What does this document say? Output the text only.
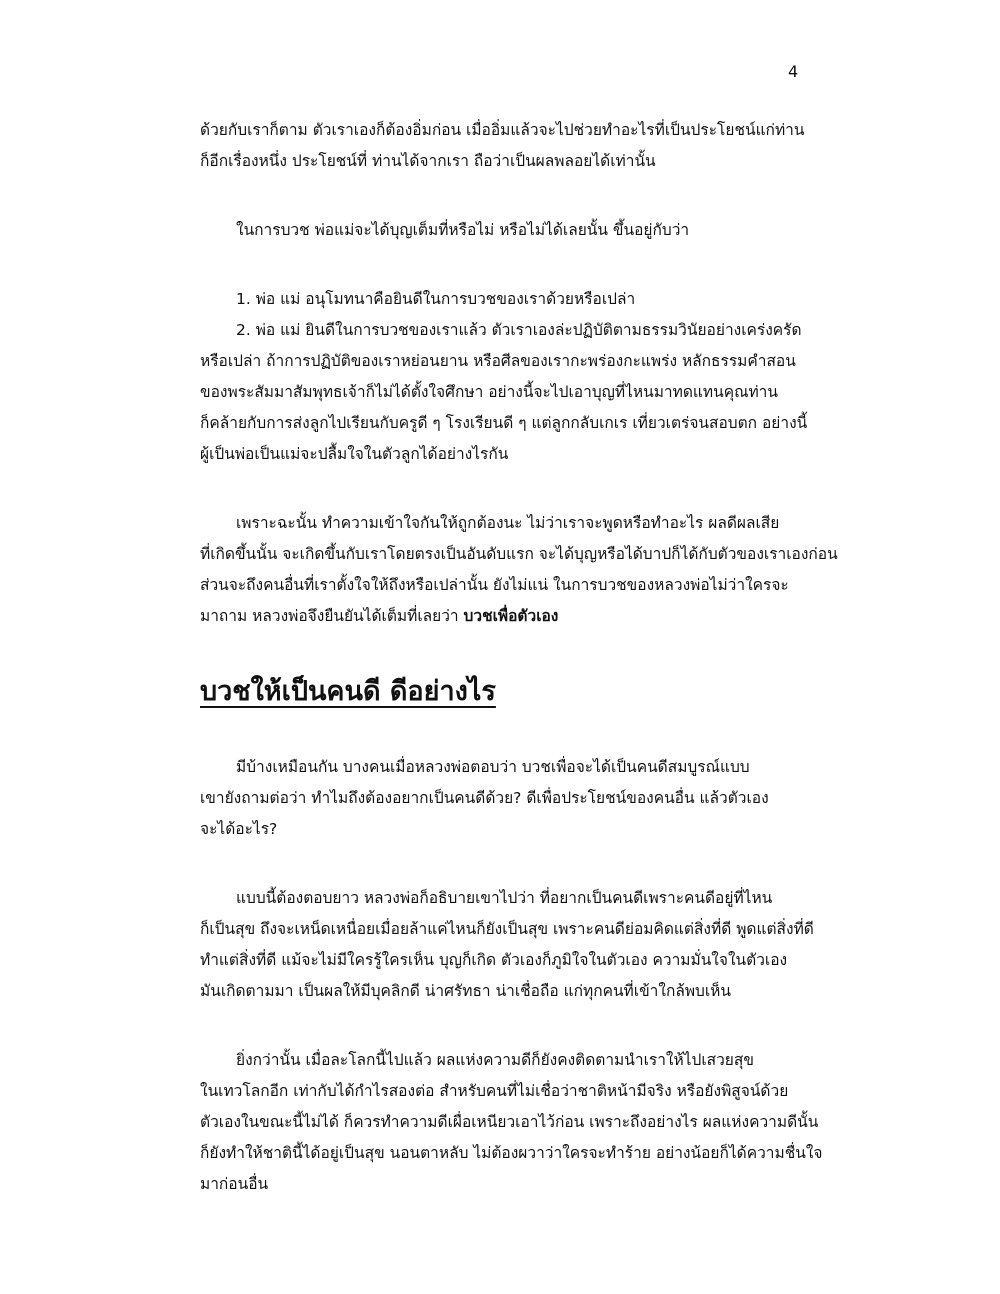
4

ด้วยกับเราก็ตาม ตัวเราเองก็ต้องอิ่มก่อน เมื่ออิ่มแล้วจะไปช่วยทำอะไรที่เป็นประโยชน์แก่ท่าน
ก็อีกเรื่องหนึ่ง ประโยชน์ที่ ท่านได้จากเรา ถือว่าเป็นผลพลอยได้เท่านั้น

ในการบวช พ่อแม่จะได้บุญเต็มที่หรือไม่ หรือไม่ได้เลยนั้น ขึ้นอยู่กับว่า

1. พ่อ แม่ อนุโมทนาคือยินดีในการบวชของเราด้วยหรือเปล่า
2. พ่อ แม่ ยินดีในการบวชของเราแล้ว ตัวเราเองล่ะปฏิบัติตามธรรมวินัยอย่างเคร่งครัด
หรือเปล่า ถ้าการปฏิบัติของเราหย่อนยาน หรือศีลของเรากะพร่องกะแพร่ง หลักธรรมคำสอน
ของพระสัมมาสัมพุทธเจ้าก็ไม่ได้ตั้งใจศึกษา อย่างนี้จะไปเอาบุญที่ไหนมาทดแทนคุณท่าน
ก็คล้ายกับการส่งลูกไปเรียนกับครูดี ๆ โรงเรียนดี ๆ แต่ลูกกลับเกเร เที่ยวเตร่จนสอบตก อย่างนี้
ผู้เป็นพ่อเป็นแม่จะปลื้มใจในตัวลูกได้อย่างไรกัน

เพราะฉะนั้น ทำความเข้าใจกันให้ถูกต้องนะ ไม่ว่าเราจะพูดหรือทำอะไร ผลดีผลเสีย
ที่เกิดขึ้นนั้น จะเกิดขึ้นกับเราโดยตรงเป็นอันดับแรก จะได้บุญหรือได้บาปก็ได้กับตัวของเราเองก่อน
ส่วนจะถึงคนอื่นที่เราตั้งใจให้ถึงหรือเปล่านั้น ยังไม่แน่ ในการบวชของหลวงพ่อไม่ว่าใครจะ
มาถาม หลวงพ่อจึงยืนยันได้เต็มที่เลยว่า บวชเพื่อตัวเอง

บวชให้เป็นคนดี ดีอย่างไร

มีบ้างเหมือนกัน บางคนเมื่อหลวงพ่อตอบว่า บวชเพื่อจะได้เป็นคนดีสมบูรณ์แบบ
เขายังถามต่อว่า ทำไมถึงต้องอยากเป็นคนดีด้วย? ดีเพื่อประโยชน์ของคนอื่น แล้วตัวเอง
จะได้อะไร?

แบบนี้ต้องตอบยาว หลวงพ่อก็อธิบายเขาไปว่า ที่อยากเป็นคนดีเพราะคนดีอยู่ที่ไหน
ก็เป็นสุข ถึงจะเหน็ดเหนื่อยเมื่อยล้าแค่ไหนก็ยังเป็นสุข เพราะคนดีย่อมคิดแต่สิ่งที่ดี พูดแต่สิ่งที่ดี
ทำแต่สิ่งที่ดี แม้จะไม่มีใครรู้ใครเห็น บุญก็เกิด ตัวเองก็ภูมิใจในตัวเอง ความมั่นใจในตัวเอง
มันเกิดตามมา เป็นผลให้มีบุคลิกดี น่าศรัทธา น่าเชื่อถือ แก่ทุกคนที่เข้าใกล้พบเห็น

ยิ่งกว่านั้น เมื่อละโลกนี้ไปแล้ว ผลแห่งความดีก็ยังคงติดตามนำเราให้ไปเสวยสุข
ในเทวโลกอีก เท่ากับได้กำไรสองต่อ สำหรับคนที่ไม่เชื่อว่าชาติหน้ามีจริง หรือยังพิสูจน์ด้วย
ตัวเองในขณะนี้ไม่ได้ ก็ควรทำความดีเผื่อเหนียวเอาไว้ก่อน เพราะถึงอย่างไร ผลแห่งความดีนั้น
ก็ยังทำให้ชาตินี้ได้อยู่เป็นสุข นอนตาหลับ ไม่ต้องผวาว่าใครจะทำร้าย อย่างน้อยก็ได้ความชื่นใจ
มาก่อนอื่น
